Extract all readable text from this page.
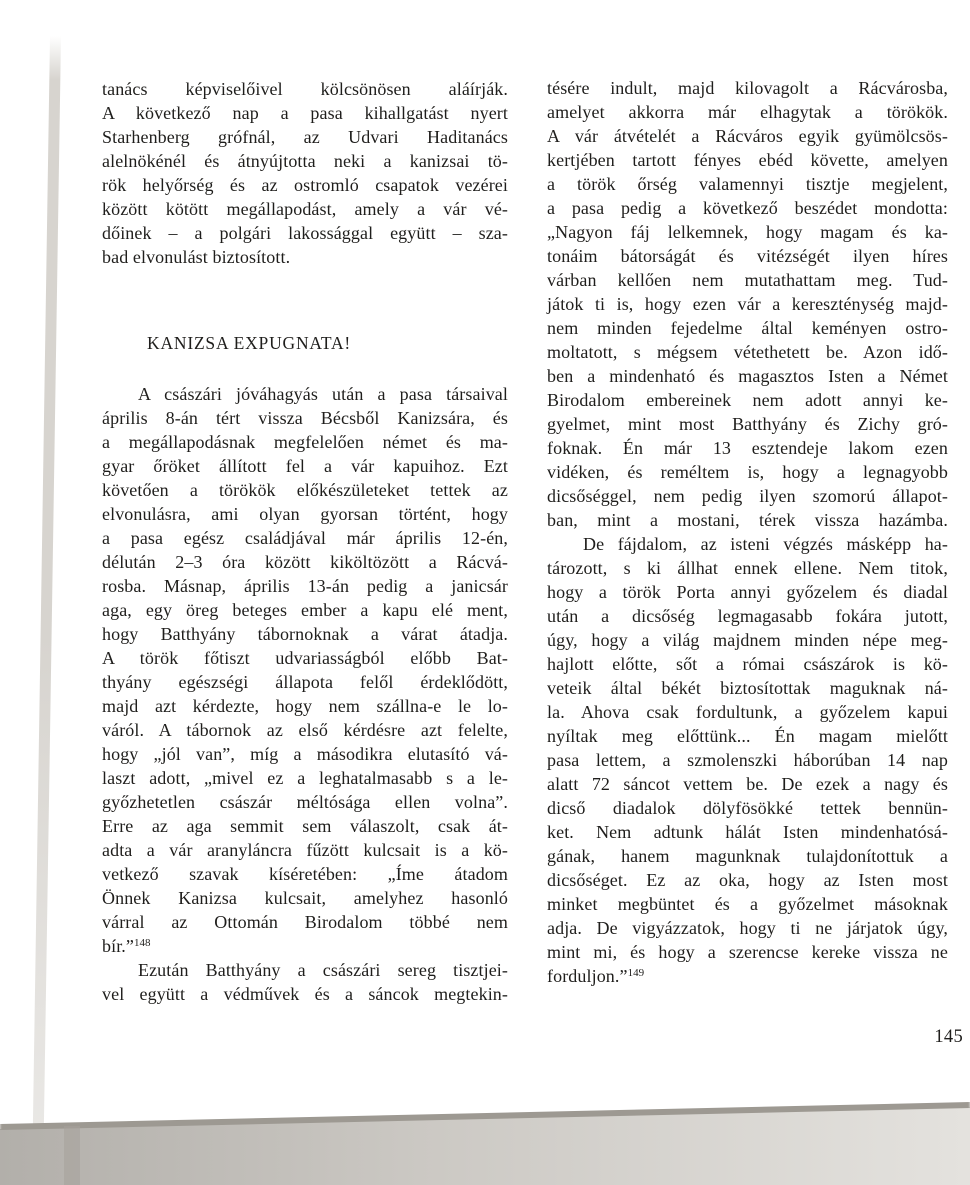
tanács képviselőivel kölcsönösen aláírják.
A következő nap a pasa kihallgatást nyert
Starhenberg grófnál, az Udvari Haditanács
alelnökénél és átnyújtotta neki a kanizsai tö-
rök helyőrség és az ostromló csapatok vezérei
között kötött megállapodást, amely a vár vé-
dőinek – a polgári lakossággal együtt – sza-
bad elvonulást biztosított.
KANIZSA EXPUGNATA!
A császári jóváhagyás után a pasa társaival
április 8-án tért vissza Bécsből Kanizsára, és
a megállapodásnak megfelelően német és ma-
gyar őröket állított fel a vár kapuihoz. Ezt
követően a törökök előkészületeket tettek az
elvonulásra, ami olyan gyorsan történt, hogy
a pasa egész családjával már április 12-én,
délután 2–3 óra között kiköltözött a Rácvá-
rosba. Másnap, április 13-án pedig a janicsár
aga, egy öreg beteges ember a kapu elé ment,
hogy Batthyány tábornoknak a várat átadja.
A török főtiszt udvariasságból előbb Bat-
thyány egészségi állapota felől érdeklődött,
majd azt kérdezte, hogy nem szállna-e le lo-
váról. A tábornok az első kérdésre azt felelte,
hogy „jól van”, míg a másodikra elutasító vá-
laszt adott, „mivel ez a leghatalmasabb s a le-
győzhetetlen császár méltósága ellen volna”.
Erre az aga semmit sem válaszolt, csak át-
adta a vár aranyláncra fűzött kulcsait is a kö-
vetkező szavak kíséretében: „Íme átadom
Önnek Kanizsa kulcsait, amelyhez hasonló
várral az Ottomán Birodalom többé nem
bír.”$^{148}$
Ezután Batthyány a császári sereg tisztjei-
vel együtt a védművek és a sáncok megtekin-
tésére indult, majd kilovagolt a Rácvárosba,
amelyet akkorra már elhagytak a törökök.
A vár átvételét a Rácváros egyik gyümölcsös-
kertjében tartott fényes ebéd követte, amelyen
a török őrség valamennyi tisztje megjelent,
a pasa pedig a következő beszédet mondotta:
„Nagyon fáj lelkemnek, hogy magam és ka-
tonáim bátorságát és vitézségét ilyen híres
várban kellően nem mutathattam meg. Tud-
játok ti is, hogy ezen vár a kereszténység majd-
nem minden fejedelme által keményen ostro-
moltatott, s mégsem vétethetett be. Azon idő-
ben a mindenható és magasztos Isten a Német
Birodalom embereinek nem adott annyi ke-
gyelmet, mint most Batthyány és Zichy gró-
foknak. Én már 13 esztendeje lakom ezen
vidéken, és reméltem is, hogy a legnagyobb
dicsőséggel, nem pedig ilyen szomorú állapot-
ban, mint a mostani, térek vissza hazámba.
De fájdalom, az isteni végzés másképp ha-
tározott, s ki állhat ennek ellene. Nem titok,
hogy a török Porta annyi győzelem és diadal
után a dicsőség legmagasabb fokára jutott,
úgy, hogy a világ majdnem minden népe meg-
hajlott előtte, sőt a római császárok is kö-
veteik által békét biztosítottak maguknak ná-
la. Ahova csak fordultunk, a győzelem kapui
nyíltak meg előttünk... Én magam mielőtt
pasa lettem, a szmolenszki háborúban 14 nap
alatt 72 sáncot vettem be. De ezek a nagy és
dicső diadalok dölyfösökké tettek bennün-
ket. Nem adtunk hálát Isten mindenhatósá-
gának, hanem magunknak tulajdonítottuk a
dicsőséget. Ez az oka, hogy az Isten most
minket megbüntet és a győzelmet másoknak
adja. De vigyázzatok, hogy ti ne járjatok úgy,
mint mi, és hogy a szerencse kereke vissza ne
forduljon.”$^{149}$
145
